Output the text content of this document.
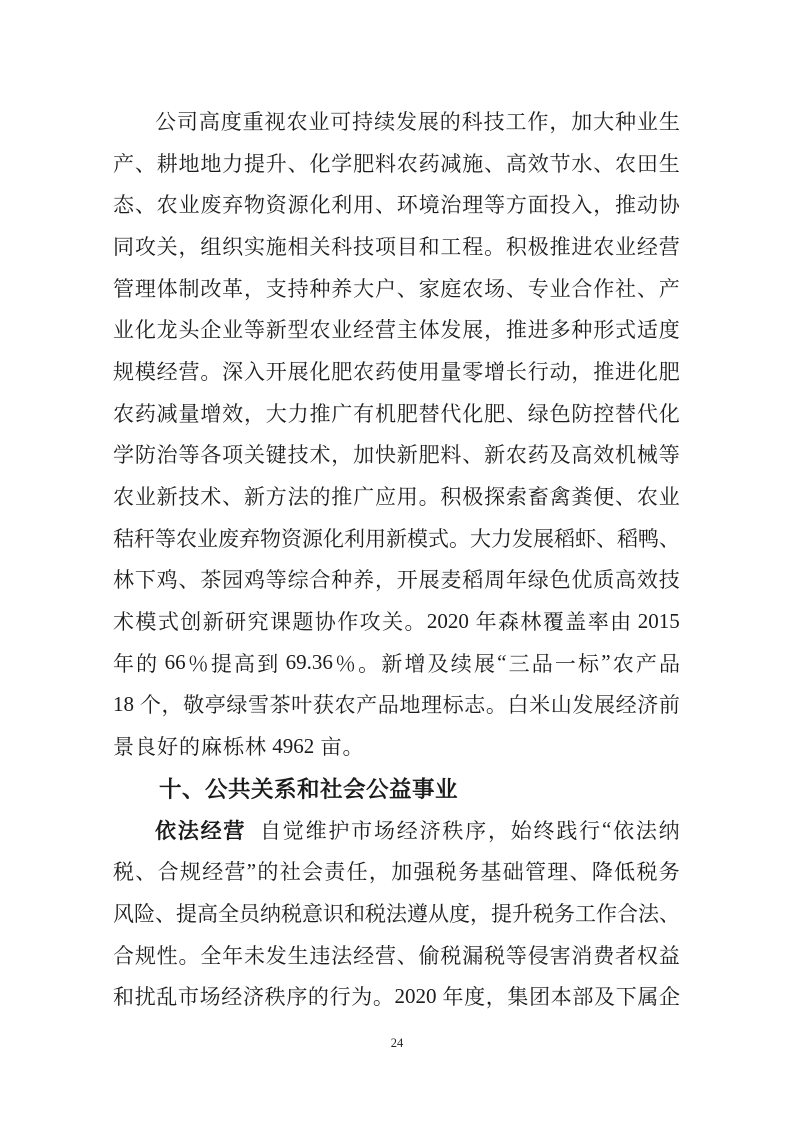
公 司 高 度 重 视 农 业 可 持 续 发 展 的 科 技 工 作 ， 加 大 种 业 生
产 、 耕 地 地 力 提 升 、 化 学 肥 料 农 药 减 施 、 高 效 节 水 、 农 田 生
态 、 农 业 废 弃 物 资 源 化 利 用 、 环 境 治 理 等 方 面 投 入 ， 推 动 协
同 攻 关 ， 组 织 实 施 相 关 科 技 项 目 和 工 程 。 积 极 推 进 农 业 经 营
管 理 体 制 改 革 ， 支 持 种 养 大 户 、 家 庭 农 场 、 专 业 合 作 社 、 产
业 化 龙 头 企 业 等 新 型 农 业 经 营 主 体 发 展 ， 推 进 多 种 形 式 适 度
规 模 经 营 。 深 入 开 展 化 肥 农 药 使 用 量 零 增 长 行 动 ， 推 进 化 肥
农 药 减 量 增 效 ， 大 力 推 广 有 机 肥 替 代 化 肥 、 绿 色 防 控 替 代 化
学 防 治 等 各 项 关 键 技 术 ， 加 快 新 肥 料 、 新 农 药 及 高 效 机 械 等
农 业 新 技 术 、 新 方 法 的 推 广 应 用 。 积 极 探 索 畜 禽 粪 便 、 农 业
秸 秆 等 农 业 废 弃 物 资 源 化 利 用 新 模 式 。 大 力 发 展 稻 虾 、 稻 鸭 、
林 下 鸡 、 茶 园 鸡 等 综 合 种 养 ， 开 展 麦 稻 周 年 绿 色 优 质 高 效 技
术 模 式 创 新 研 究 课 题 协 作 攻 关 。 2020 年 森 林 覆 盖 率 由 2015
年 的 66 ％ 提 高 到 69.36 ％ 。 新 增 及 续 展 “ 三 品 一 标 ” 农 产 品
18 个 ， 敬 亭 绿 雪 茶 叶 获 农 产 品 地 理 标 志 。 白 米 山 发 展 经 济 前
景 良 好 的 麻 栎 林 4962 亩 。
十、公共关系和社会公益事业
依 法 经 营 自 觉 维 护 市 场 经 济 秩 序 ， 始 终 践 行 “ 依 法 纳
税 、 合 规 经 营 ” 的 社 会 责 任 ， 加 强 税 务 基 础 管 理 、 降 低 税 务
风 险 、 提 高 全 员 纳 税 意 识 和 税 法 遵 从 度 ， 提 升 税 务 工 作 合 法 、
合 规 性 。 全 年 未 发 生 违 法 经 营 、 偷 税 漏 税 等 侵 害 消 费 者 权 益
和 扰 乱 市 场 经 济 秩 序 的 行 为 。 2020 年 度 ， 集 团 本 部 及 下 属 企
24
